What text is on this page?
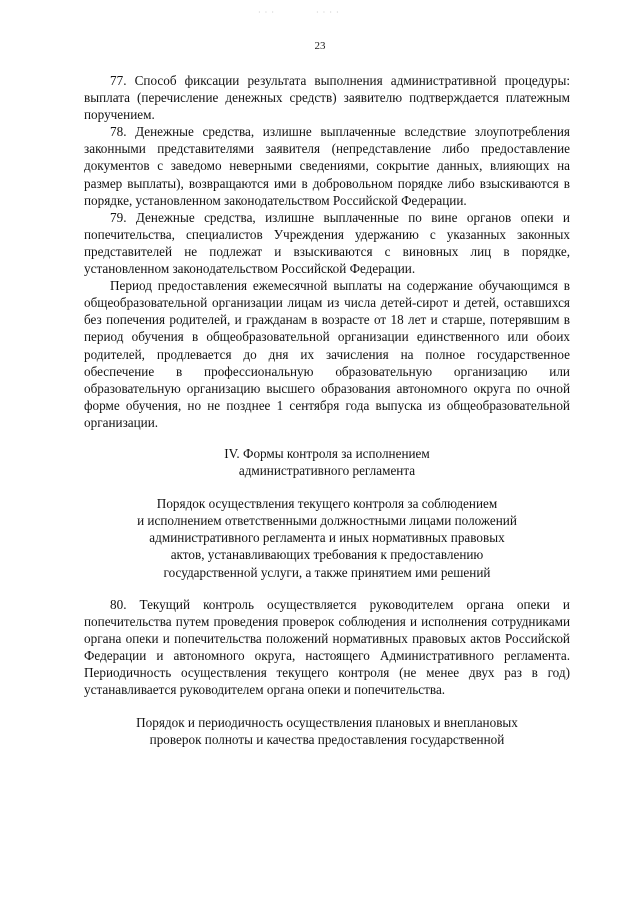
· · ·	· · · ·
23

77. Способ фиксации результата выполнения административной процедуры: выплата (перечисление денежных средств) заявителю подтверждается платежным поручением.

78. Денежные средства, излишне выплаченные вследствие злоупотребления законными представителями заявителя (непредставление либо предоставление документов с заведомо неверными сведениями, сокрытие данных, влияющих на размер выплаты), возвращаются ими в добровольном порядке либо взыскиваются в порядке, установленном законодательством Российской Федерации.

79. Денежные средства, излишне выплаченные по вине органов опеки и попечительства, специалистов Учреждения удержанию с указанных законных представителей не подлежат и взыскиваются с виновных лиц в порядке, установленном законодательством Российской Федерации.

Период предоставления ежемесячной выплаты на содержание обучающимся в общеобразовательной организации лицам из числа детей-сирот и детей, оставшихся без попечения родителей, и гражданам в возрасте от 18 лет и старше, потерявшим в период обучения в общеобразовательной организации единственного или обоих родителей, продлевается до дня их зачисления на полное государственное обеспечение в профессиональную образовательную организацию или образовательную организацию высшего образования автономного округа по очной форме обучения, но не позднее 1 сентября года выпуска из общеобразовательной организации.

IV. Формы контроля за исполнением
административного регламента
Порядок осуществления текущего контроля за соблюдением
и исполнением ответственными должностными лицами положений
административного регламента и иных нормативных правовых
актов, устанавливающих требования к предоставлению
государственной услуги, а также принятием ими решений

80. Текущий контроль осуществляется руководителем органа опеки и попечительства путем проведения проверок соблюдения и исполнения сотрудниками органа опеки и попечительства положений нормативных правовых актов Российской Федерации и автономного округа, настоящего Административного регламента. Периодичность осуществления текущего контроля (не менее двух раз в год) устанавливается руководителем органа опеки и попечительства.

Порядок и периодичность осуществления плановых и внеплановых
проверок полноты и качества предоставления государственной
